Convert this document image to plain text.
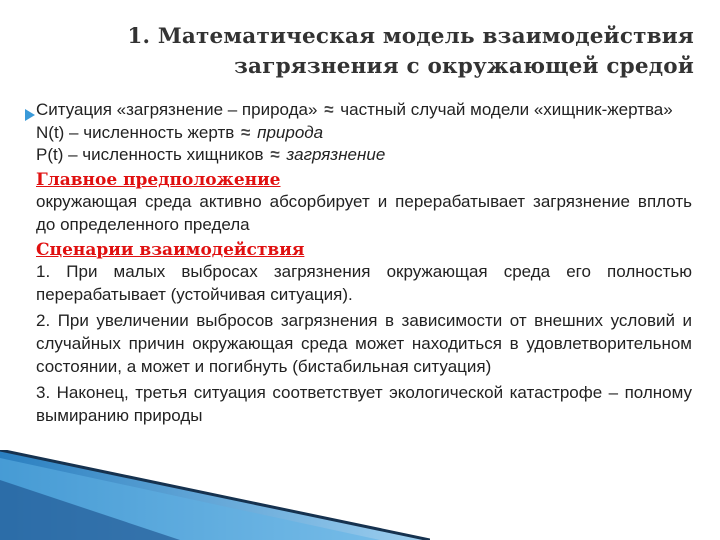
1. Математическая модель взаимодействия
загрязнения с окружающей средой

Ситуация «загрязнение – природа» ≈ частный случай модели «хищник-жертва»

N(t) – численность жертв ≈ природа

P(t) – численность хищников ≈ загрязнение

Главное предположение

окружающая среда активно абсорбирует и перерабатывает загрязнение вплоть до определенного предела

Сценарии взаимодействия

1. При малых выбросах загрязнения окружающая среда его полностью перерабатывает (устойчивая ситуация).

2. При увеличении выбросов загрязнения в зависимости от внешних условий и случайных причин окружающая среда может находиться в удовлетворительном состоянии, а может и погибнуть (бистабильная ситуация)

3. Наконец, третья ситуация соответствует экологической катастрофе – полному вымиранию природы
